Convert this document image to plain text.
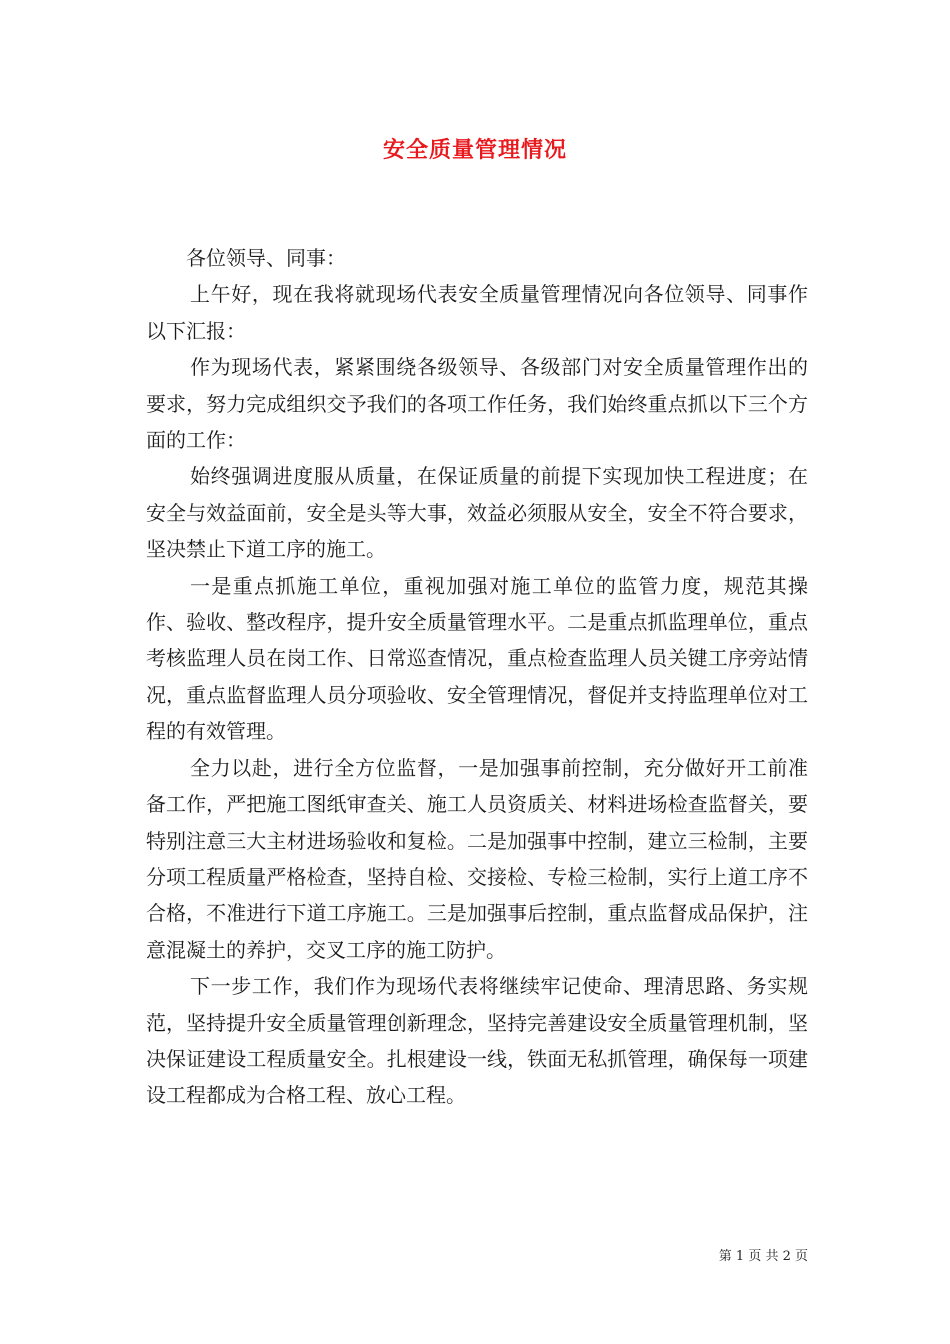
安全质量管理情况

各位领导、同事：

上午好，现在我将就现场代表安全质量管理情况向各位领导、同事作以下汇报：

作为现场代表，紧紧围绕各级领导、各级部门对安全质量管理作出的要求，努力完成组织交予我们的各项工作任务，我们始终重点抓以下三个方面的工作：

始终强调进度服从质量，在保证质量的前提下实现加快工程进度；在安全与效益面前，安全是头等大事，效益必须服从安全，安全不符合要求，坚决禁止下道工序的施工。

一是重点抓施工单位，重视加强对施工单位的监管力度，规范其操作、验收、整改程序，提升安全质量管理水平。二是重点抓监理单位，重点考核监理人员在岗工作、日常巡查情况，重点检查监理人员关键工序旁站情况，重点监督监理人员分项验收、安全管理情况，督促并支持监理单位对工程的有效管理。

全力以赴，进行全方位监督，一是加强事前控制，充分做好开工前准备工作，严把施工图纸审查关、施工人员资质关、材料进场检查监督关，要特别注意三大主材进场验收和复检。二是加强事中控制，建立三检制，主要分项工程质量严格检查，坚持自检、交接检、专检三检制，实行上道工序不合格，不准进行下道工序施工。三是加强事后控制，重点监督成品保护，注意混凝土的养护，交叉工序的施工防护。

下一步工作，我们作为现场代表将继续牢记使命、理清思路、务实规范，坚持提升安全质量管理创新理念，坚持完善建设安全质量管理机制，坚决保证建设工程质量安全。扎根建设一线，铁面无私抓管理，确保每一项建设工程都成为合格工程、放心工程。

第 1 页 共 2 页
